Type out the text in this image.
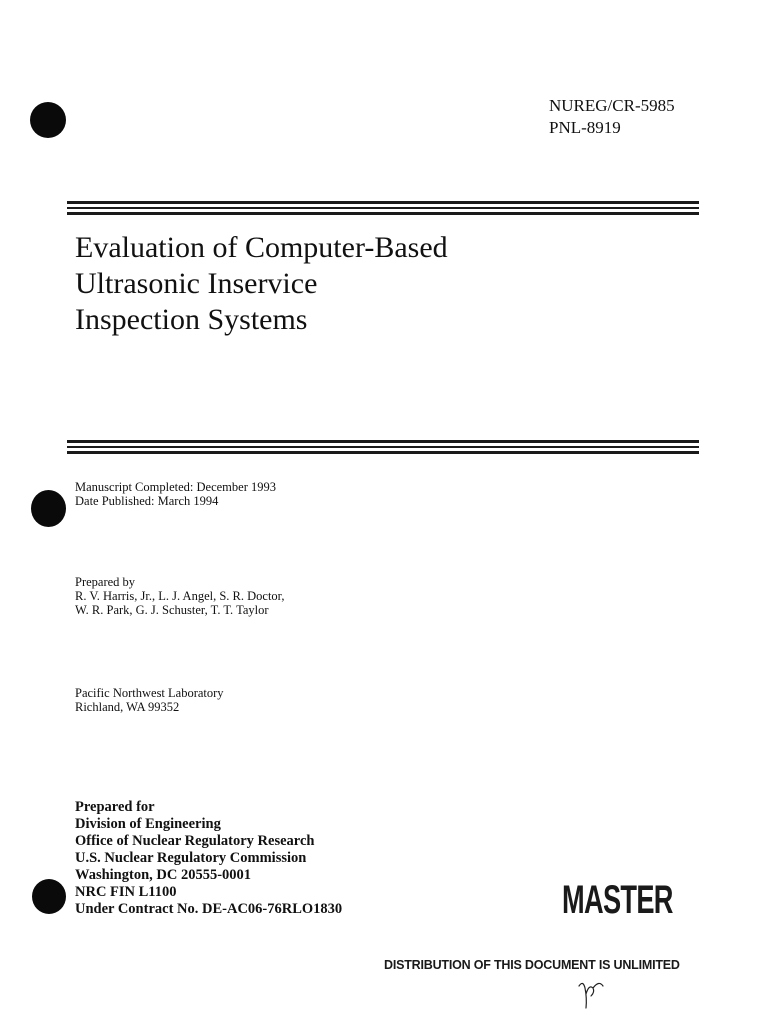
NUREG/CR-5985
PNL-8919
Evaluation of Computer-Based
Ultrasonic Inservice
Inspection Systems
Manuscript Completed: December 1993
Date Published: March 1994
Prepared by
R. V. Harris, Jr., L. J. Angel, S. R. Doctor,
W. R. Park, G. J. Schuster, T. T. Taylor
Pacific Northwest Laboratory
Richland, WA 99352
Prepared for
Division of Engineering
Office of Nuclear Regulatory Research
U.S. Nuclear Regulatory Commission
Washington, DC 20555-0001
NRC FIN L1100
Under Contract No. DE-AC06-76RLO1830	MASTER
DISTRIBUTION OF THIS DOCUMENT IS UNLIMITED
